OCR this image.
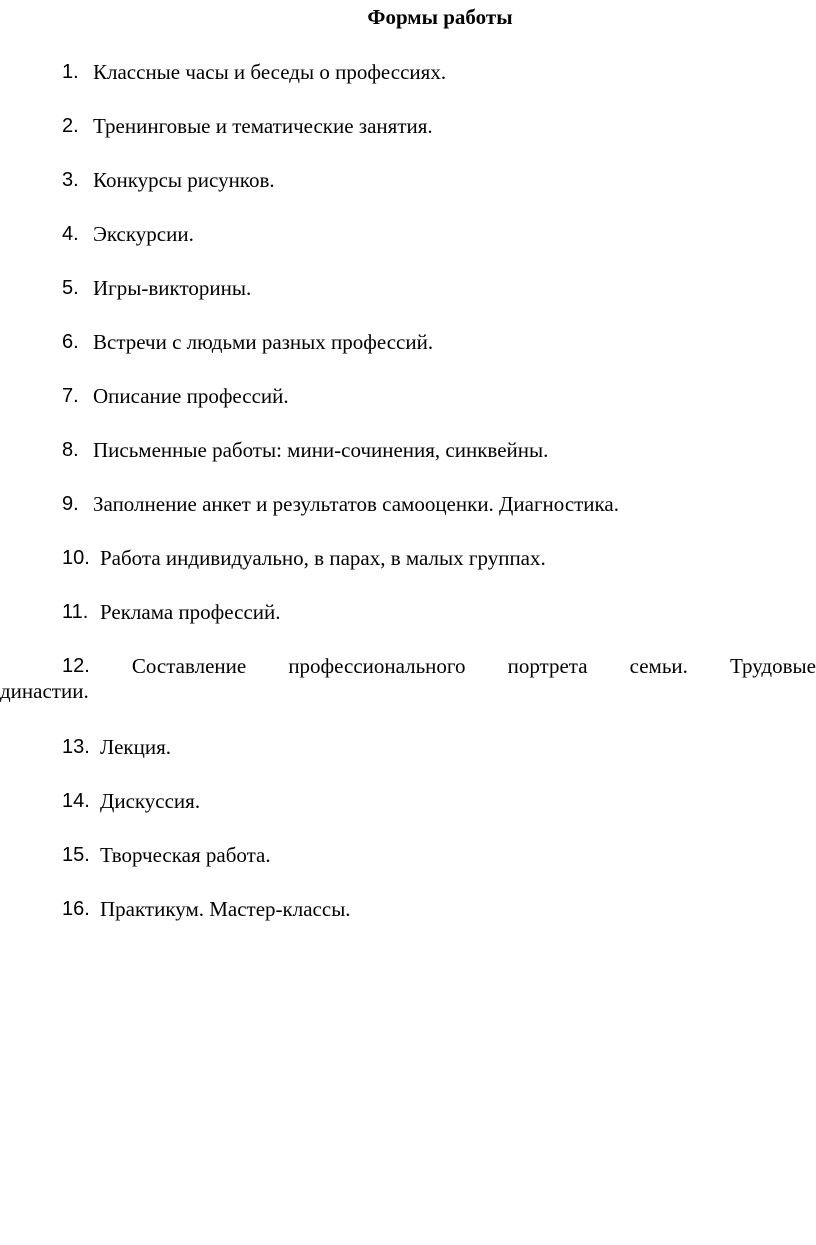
Формы работы
1. Классные часы и беседы о профессиях.
2. Тренинговые и тематические занятия.
3. Конкурсы рисунков.
4. Экскурсии.
5. Игры-викторины.
6. Встречи с людьми разных профессий.
7. Описание профессий.
8. Письменные работы: мини-сочинения, синквейны.
9. Заполнение анкет и результатов самооценки. Диагностика.
10. Работа индивидуально, в парах, в малых группах.
11. Реклама профессий.
12. Составление профессионального портрета семьи. Трудовые
династии.
13. Лекция.
14. Дискуссия.
15. Творческая работа.
16. Практикум. Мастер-классы.
